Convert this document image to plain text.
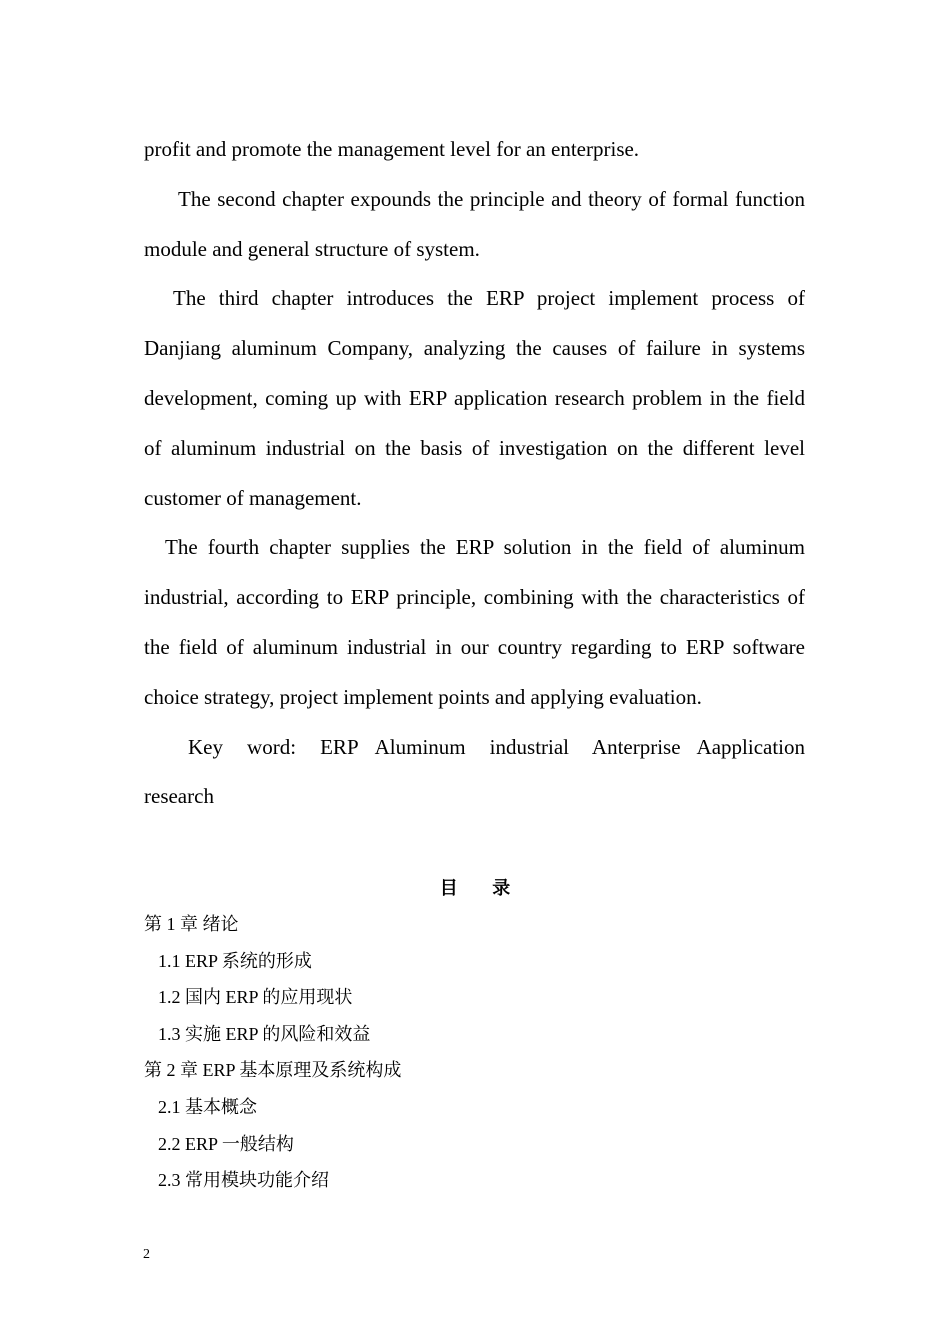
profit and promote the management level for an enterprise.

The second chapter expounds the principle and theory of formal function module and general structure of system.

The third chapter introduces the ERP project implement process of Danjiang aluminum Company, analyzing the causes of failure in systems development, coming up with ERP application research problem in the field of aluminum industrial on the basis of investigation on the different level customer of management.

The fourth chapter supplies the ERP solution in the field of aluminum industrial, according to ERP principle, combining with the characteristics of the field of aluminum industrial in our country regarding to ERP software choice strategy, project implement points and applying evaluation.

Key word: ERP Aluminum industrial Anterprise Aapplication research

目 录

第 1 章 绪论

1.1 ERP 系统的形成

1.2 国内 ERP 的应用现状

1.3 实施 ERP 的风险和效益

第 2 章 ERP 基本原理及系统构成

2.1 基本概念

2.2 ERP 一般结构

2.3 常用模块功能介绍

2
